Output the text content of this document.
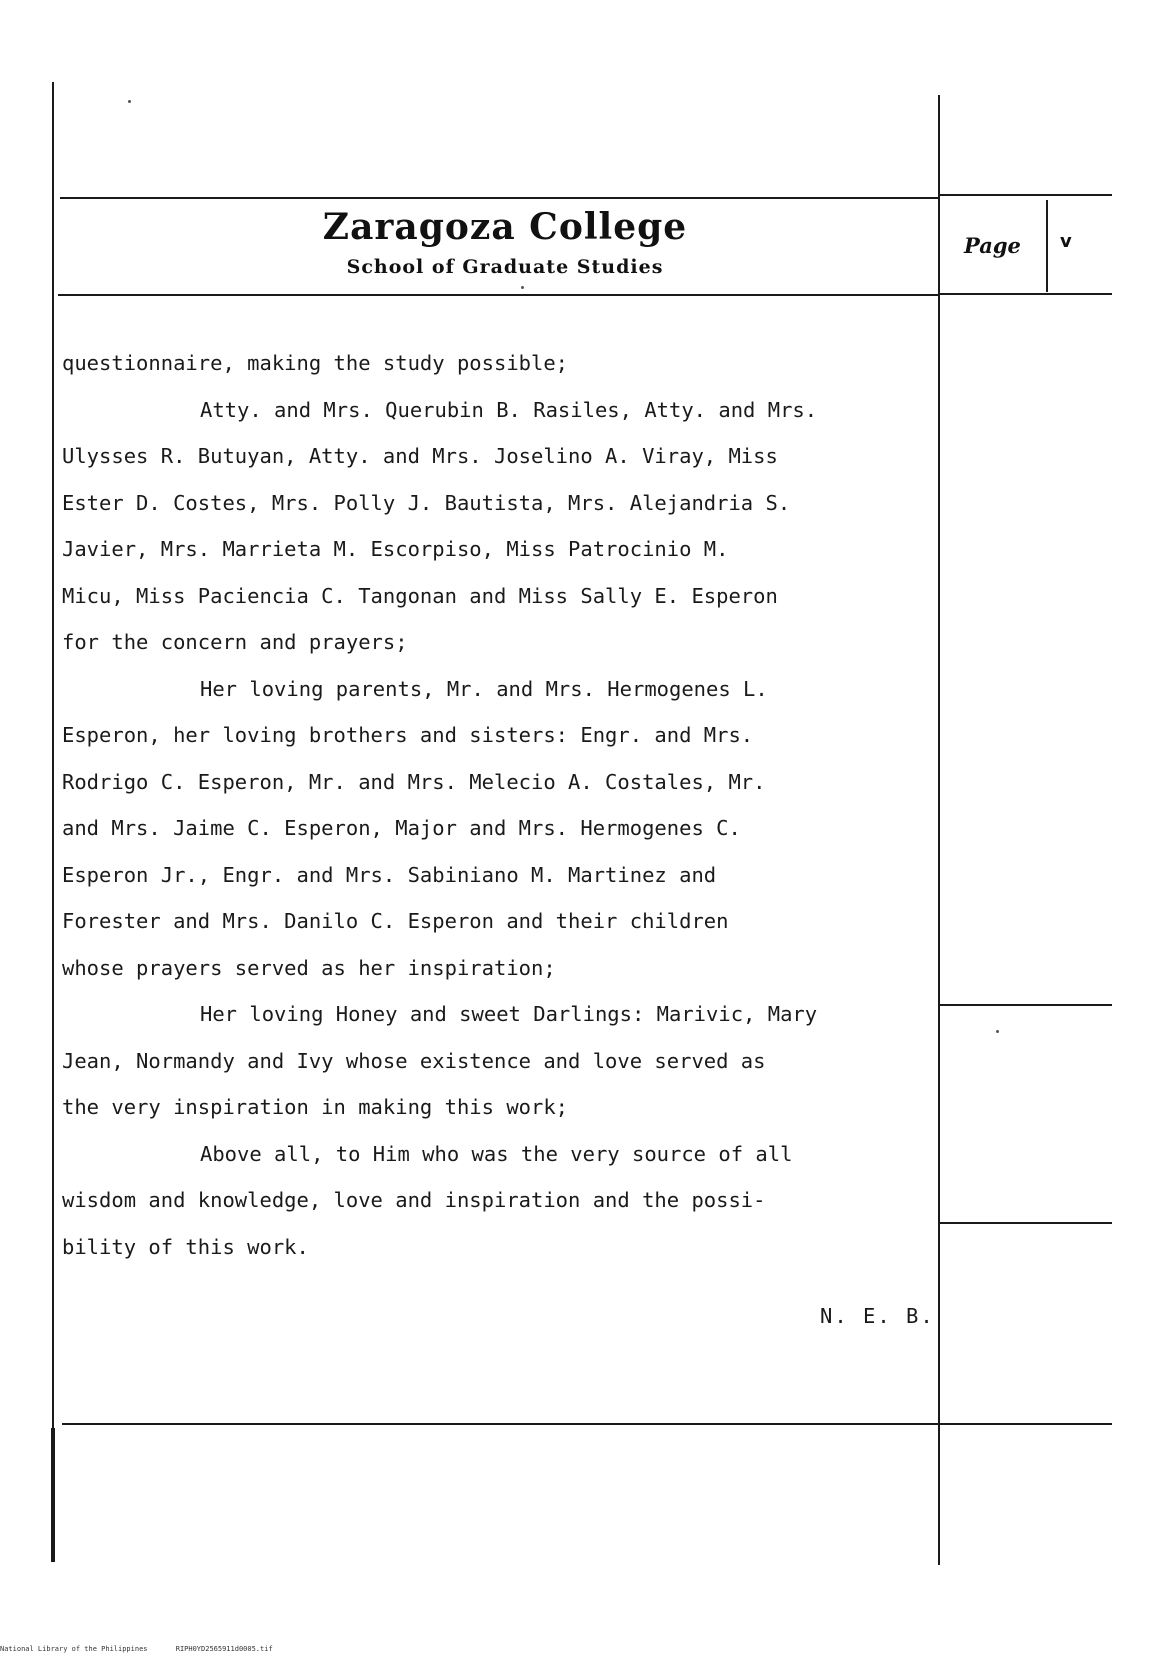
Zaragoza College
School of Graduate Studies
Page v
questionnaire, making the study possible;
Atty. and Mrs. Querubin B. Rasiles, Atty. and Mrs.
Ulysses R. Butuyan, Atty. and Mrs. Joselino A. Viray, Miss
Ester D. Costes, Mrs. Polly J. Bautista, Mrs. Alejandria S.
Javier, Mrs. Marrieta M. Escorpiso, Miss Patrocinio M.
Micu, Miss Paciencia C. Tangonan and Miss Sally E. Esperon
for the concern and prayers;
Her loving parents, Mr. and Mrs. Hermogenes L.
Esperon, her loving brothers and sisters: Engr. and Mrs.
Rodrigo C. Esperon, Mr. and Mrs. Melecio A. Costales, Mr.
and Mrs. Jaime C. Esperon, Major and Mrs. Hermogenes C.
Esperon Jr., Engr. and Mrs. Sabiniano M. Martinez and
Forester and Mrs. Danilo C. Esperon and their children
whose prayers served as her inspiration;
Her loving Honey and sweet Darlings: Marivic, Mary
Jean, Normandy and Ivy whose existence and love served as
the very inspiration in making this work;
Above all, to Him who was the very source of all
wisdom and knowledge, love and inspiration and the possi-
bility of this work.
N. E. B.
National Library of the Philippines	RIPH0YD2565911d0005.tif
